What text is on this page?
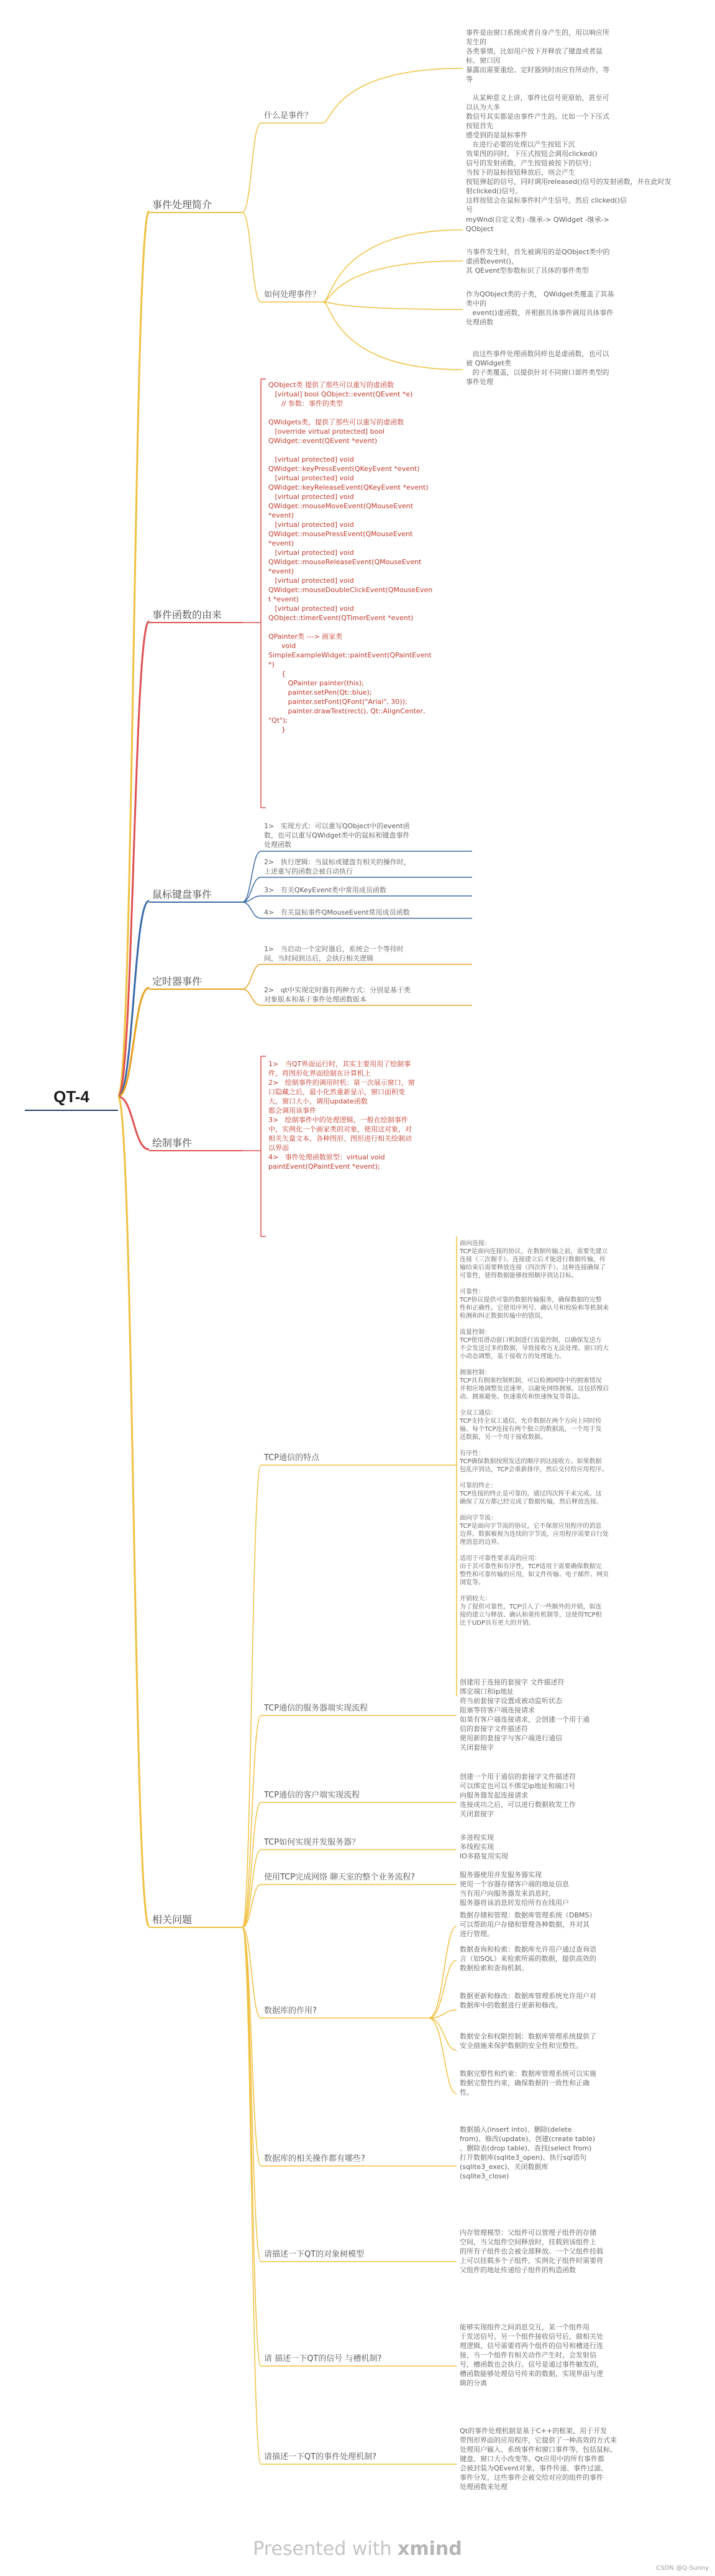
QT-4
事件处理简介
什么是事件？
事件是由窗口系统或者自身产生的，用以响应所
发生的
各类事情，比如用户按下并释放了键盘或者鼠
标、窗口因
暴露而需要重绘、定时器到时而应有所动作，等
等

从某种意义上讲，事件比信号更原始，甚至可
以认为大多
数信号其实都是由事件产生的。比如一个下压式
按钮首先
感受到的是鼠标事件
在进行必要的处理以产生按钮下沉
效果图的同时，下压式按钮会调用clicked()
信号的发射函数，产生按钮被按下的信号；
当按下的鼠标按钮释放后，则会产生
按钮弹起的信号，同时调用released()信号的发射函数，并在此时发
射clicked()信号。
这样按钮会在鼠标事件时产生信号，然后 clicked()信
号
如何处理事件？
myWnd(自定义类) -继承-> QWidget -继承->
QObject
当事件发生时，首先被调用的是QObject类中的
虚函数event()，
其 QEvent型参数标识了具体的事件类型
作为QObject类的子类， QWidget类覆盖了其基
类中的
event()虚函数，并根据具体事件调用具体事件
处理函数
而这些事件处理函数同样也是虚函数，也可以
被 QWidget类
的子类覆盖，以提供针对不同窗口部件类型的
事件处理
事件函数的由来
QObject类 提供了那些可以重写的虚函数
[virtual] bool QObject::event(QEvent *e)
// 参数：事件的类型

QWidgets类，提供了那些可以重写的虚函数
[override virtual protected] bool
QWidget::event(QEvent *event)

[virtual protected] void
QWidget::keyPressEvent(QKeyEvent *event)
[virtual protected] void
QWidget::keyReleaseEvent(QKeyEvent *event)
[virtual protected] void
QWidget::mouseMoveEvent(QMouseEvent
*event)
[virtual protected] void
QWidget::mousePressEvent(QMouseEvent
*event)
[virtual protected] void
QWidget::mouseReleaseEvent(QMouseEvent
*event)
[virtual protected] void
QWidget::mouseDoubleClickEvent(QMouseEven
t *event)
[virtual protected] void
QObject::timerEvent(QTimerEvent *event)

QPainter类 ---> 画家类
void
SimpleExampleWidget::paintEvent(QPaintEvent
*)
{
QPainter painter(this);
painter.setPen(Qt::blue);
painter.setFont(QFont("Arial", 30));
painter.drawText(rect(), Qt::AlignCenter,
"Qt");
}
鼠标键盘事件
1>   实现方式：可以重写QObject中的event函
数，也可以重写QWidget类中的鼠标和键盘事件
处理函数
2>   执行逻辑：当鼠标或键盘有相关的操作时，
上述重写的函数会被自动执行
3>   有关QKeyEvent类中常用成员函数
4>   有关鼠标事件QMouseEvent常用成员函数
定时器事件
1>   当启动一个定时器后，系统会一个等待时
间，当时间到达后，会执行相关逻辑
2>   qt中实现定时器有两种方式：分别是基于类
对象版本和基于事件处理函数版本
绘制事件
1>   当QT界面运行时，其实主要用用了绘制事
件，将图形化界面绘制在计算机上
2>   绘制事件的调用时机：第一次展示窗口，窗
口隐藏之后，最小化然重新显示，窗口面积变
大，窗口大小，调用update函数
都会调用该事件
3>   绘制事件中的处理逻辑，一般在绘制事件
中，实例化一个画家类的对象，使用这对象，对
相关矢量文本、各种图形、图形进行相关绘制动
以界面
4>   事件处理函数原型：virtual void
paintEvent(QPaintEvent *event);
相关问题
TCP通信的特点
面向连接：
TCP是面向连接的协议，在数据传输之前，需要先建立
连接（三次握手）。连接建立后才能进行数据传输，传
输结束后需要释放连接（四次挥手）。这种连接确保了
可靠性，使得数据能够按照顺序到达目标。

可靠性：
TCP协议提供可靠的数据传输服务，确保数据的完整
性和正确性。它使用序列号、确认号和校验和等机制来
检测和纠正数据传输中的错误。

流量控制：
TCP使用滑动窗口机制进行流量控制，以确保发送方
不会发送过多的数据，导致接收方无法处理。窗口的大
小动态调整，基于接收方的处理能力。

拥塞控制：
TCP具有拥塞控制机制，可以检测网络中的拥塞情况
并相应地调整发送速率，以避免网络拥塞。这包括慢启
动、拥塞避免、快速重传和快速恢复等算法。

全双工通信：
TCP支持全双工通信，允许数据在两个方向上同时传
输。每个TCP连接有两个独立的数据流，一个用于发
送数据，另一个用于接收数据。

有序性：
TCP确保数据按照发送的顺序到达接收方。如果数据
包乱序到达，TCP会重新排序，然后交付给应用程序。

可靠的终止：
TCP连接的终止是可靠的，通过四次挥手来完成。这
确保了双方都已经完成了数据传输，然后释放连接。

面向字节流：
TCP是面向字节流的协议，它不保留应用程序的消息
边界。数据被视为连续的字节流，应用程序需要自行处
理消息的边界。

适用于可靠性要求高的应用：
由于其可靠性和有序性，TCP适用于需要确保数据完
整性和可靠传输的应用，如文件传输、电子邮件、网页
浏览等。

开销较大：
为了提供可靠性，TCP引入了一些额外的开销，如连
接的建立与释放、确认和重传机制等，这使得TCP相
比于UDP具有更大的开销。
TCP通信的服务器端实现流程
创建用于连接的套接字 文件描述符
绑定端口和ip地址
将当前套接字设置成被动监听状态
阻塞等待客户端连接请求
如果有客户端连接请求，会创建一个用于通
信的套接字文件描述符
使用新的套接字与客户端进行通信
关闭套接字
TCP通信的客户端实现流程
创建一个用于通信的套接字文件描述符
可以绑定也可以不绑定ip地址和端口号
向服务器发起连接请求
连接成功之后，可以进行数据收发工作
关闭套接字
TCP如何实现并发服务器？
多进程实现
多线程实现
IO多路复用实现
使用TCP完成网络 聊天室的整个业务流程?	服务器使用并发服务器实现
使用一个容器存储客户端的地址信息
当有用户向服务器发来消息时，
服务器将该消息转发给所有在线用户
数据库的作用?
数据存储和管理：数据库管理系统（DBMS）
可以帮助用户存储和管理各种数据，并对其
进行管理。
数据查询和检索：数据库允许用户通过查询语
言（如SQL）来检索所需的数据，提供高效的
数据检索和查询机制。
数据更新和修改：数据库管理系统允许用户对
数据库中的数据进行更新和修改。
数据安全和权限控制：数据库管理系统提供了
安全措施来保护数据的安全性和完整性。
数据完整性和约束：数据库管理系统可以实施
数据完整性约束，确保数据的一致性和正确
性。
数据库的相关操作都有哪些?
数据插入(insert into)、删除(delete
from)、修改(update)、创建(create table)
、删除表(drop table)、查找(select from)
打开数据库(sqlite3_open)、执行sql语句
(sqlite3_exec)、关闭数据库
(sqlite3_close)
请描述一下QT的对象树模型
内存管理模型：父组件可以管理子组件的存储
空间，当父组件空间释放时，挂载到该组件上
的所有子组件也会被全部释放。一个父组件挂载
上可以挂载多个子组件，实例化子组件时需要将
父组件的地址传递给子组件的构造函数
请 描述一下QT的信号 与槽机制?
能够实现组件之间消息交互，某一个组件用
于发送信号，另一个组件接收信号后，做相关处
理逻辑，信号需要将两个组件的信号和槽进行连
接，当一个组件有相关动作产生时，会发射信
号，槽函数也会执行。信号是通过事件触发的，
槽函数能够处理信号传来的数据，实现界面与逻
辑的分离
请描述一下QT的事件处理机制?
Qt的事件处理机制是基于C++的框架，用于开发
带图形界面的应用程序，它提供了一种高效的方式来
处理用户输入、系统事件和窗口事件等，包括鼠标、
键盘、窗口大小改变等。Qt应用中的所有事件都
会被封装为QEvent对象，事件传递、事件过滤、
事件分发，这些事件会被交给对应的组件的事件
处理函数来处理
Presented with xmind
CSDN @Q-Sunny
